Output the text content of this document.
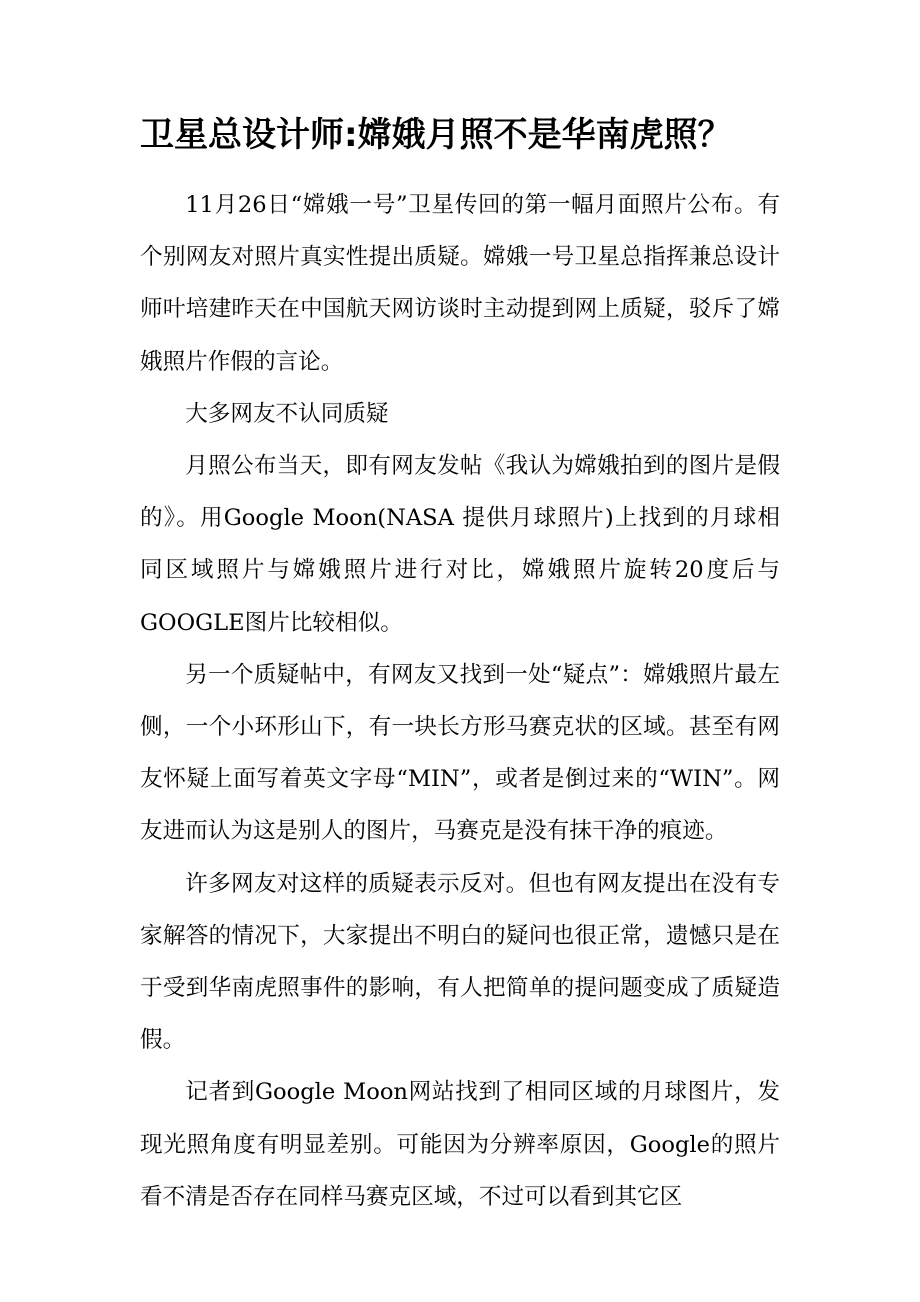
卫星总设计师:嫦娥月照不是华南虎照？

11月26日“嫦娥一号”卫星传回的第一幅月面照片公布。有个别网友对照片真实性提出质疑。嫦娥一号卫星总指挥兼总设计师叶培建昨天在中国航天网访谈时主动提到网上质疑，驳斥了嫦娥照片作假的言论。

大多网友不认同质疑

月照公布当天，即有网友发帖《我认为嫦娥拍到的图片是假的》。用Google Moon(NASA 提供月球照片)上找到的月球相同区域照片与嫦娥照片进行对比，嫦娥照片旋转20度后与GOOGLE图片比较相似。

另一个质疑帖中，有网友又找到一处“疑点”：嫦娥照片最左侧，一个小环形山下，有一块长方形马赛克状的区域。甚至有网友怀疑上面写着英文字母“MIN”，或者是倒过来的“WIN”。网友进而认为这是别人的图片，马赛克是没有抹干净的痕迹。

许多网友对这样的质疑表示反对。但也有网友提出在没有专家解答的情况下，大家提出不明白的疑问也很正常，遗憾只是在于受到华南虎照事件的影响，有人把简单的提问题变成了质疑造假。

记者到Google Moon网站找到了相同区域的月球图片，发现光照角度有明显差别。可能因为分辨率原因，Google的照片看不清是否存在同样马赛克区域，不过可以看到其它区
